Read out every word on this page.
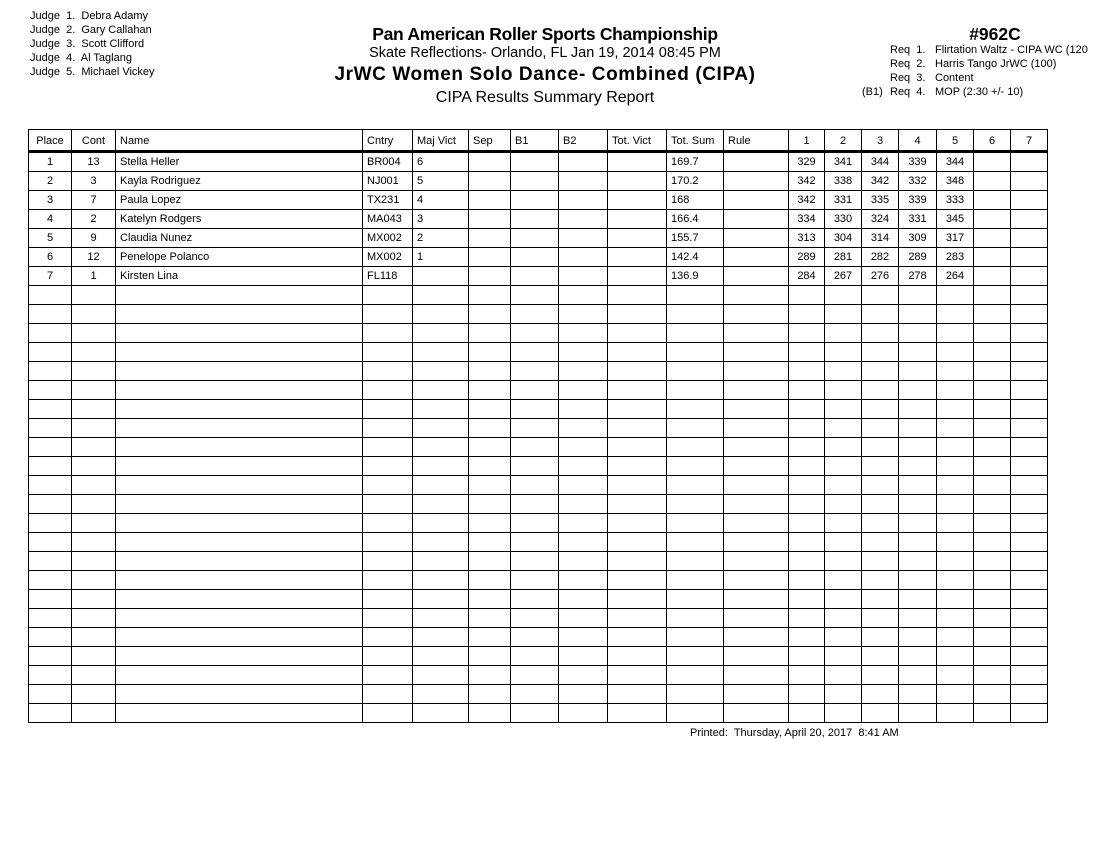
Judge  1.  Debra Adamy
Judge  2.  Gary Callahan
Judge  3.  Scott Clifford
Judge  4.  Al Taglang
Judge  5.  Michael Vickey
Pan American Roller Sports Championship
Skate Reflections- Orlando, FL Jan 19, 2014 08:45 PM
JrWC Women Solo Dance- Combined (CIPA)
CIPA Results Summary Report
#962C
Req  1. Flirtation Waltz - CIPA WC (120
Req  2. Harris Tango JrWC (100)
Req  3. Content
(B1) Req  4. MOP (2:30 +/- 10)
Place	Cont	Name	Cntry	Maj Vict	Sep	B1	B2	Tot. Vict	Tot. Sum	Rule	1	2	3	4	5	6	7
1	13	Stella Heller	BR004	6					169.7		329	341	344	339	344		
2	3	Kayla Rodriguez	NJ001	5					170.2		342	338	342	332	348		
3	7	Paula Lopez	TX231	4					168		342	331	335	339	333		
4	2	Katelyn Rodgers	MA043	3					166.4		334	330	324	331	345		
5	9	Claudia Nunez	MX002	2					155.7		313	304	314	309	317		
6	12	Penelope Polanco	MX002	1					142.4		289	281	282	289	283		
7	1	Kirsten Lina	FL118						136.9		284	267	276	278	264		

Printed:  Thursday, April 20, 2017  8:41 AM
